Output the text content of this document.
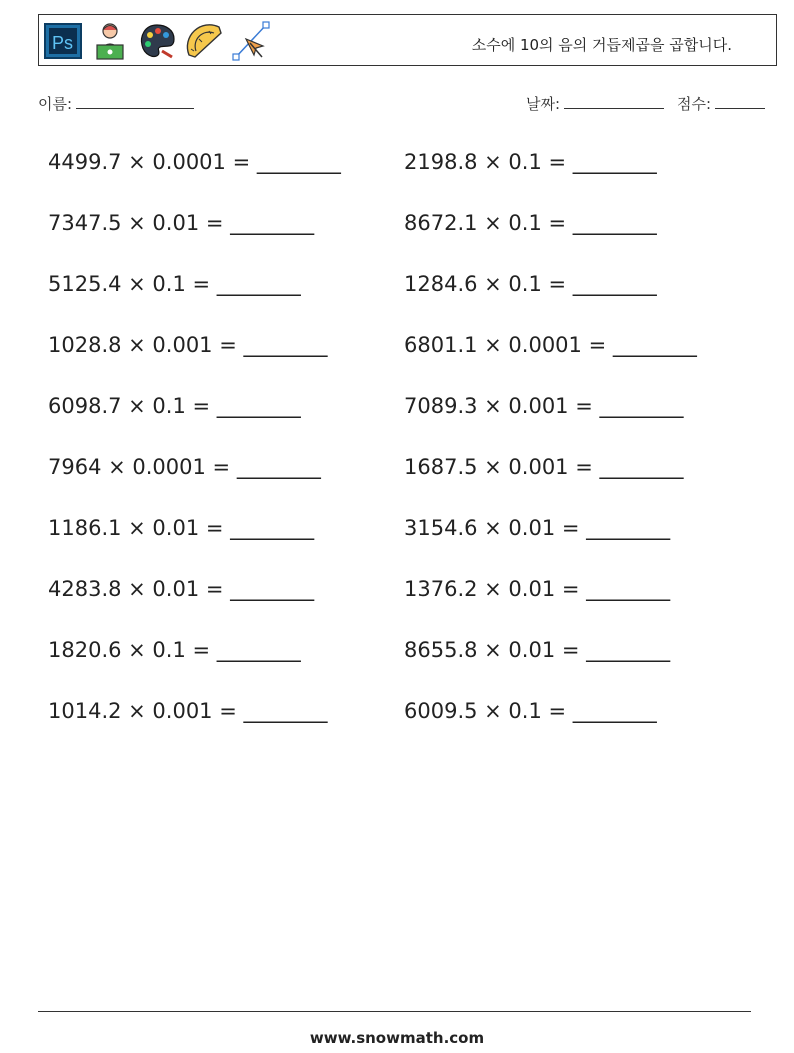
Ps	소수에 10의 음의 거듭제곱을 곱합니다.
이름:	날짜:	점수:
4499.7 × 0.0001 = ________
7347.5 × 0.01 = ________
5125.4 × 0.1 = ________
1028.8 × 0.001 = ________
6098.7 × 0.1 = ________
7964 × 0.0001 = ________
1186.1 × 0.01 = ________
4283.8 × 0.01 = ________
1820.6 × 0.1 = ________
1014.2 × 0.001 = ________
2198.8 × 0.1 = ________
8672.1 × 0.1 = ________
1284.6 × 0.1 = ________
6801.1 × 0.0001 = ________
7089.3 × 0.001 = ________
1687.5 × 0.001 = ________
3154.6 × 0.01 = ________
1376.2 × 0.01 = ________
8655.8 × 0.01 = ________
6009.5 × 0.1 = ________
www.snowmath.com
